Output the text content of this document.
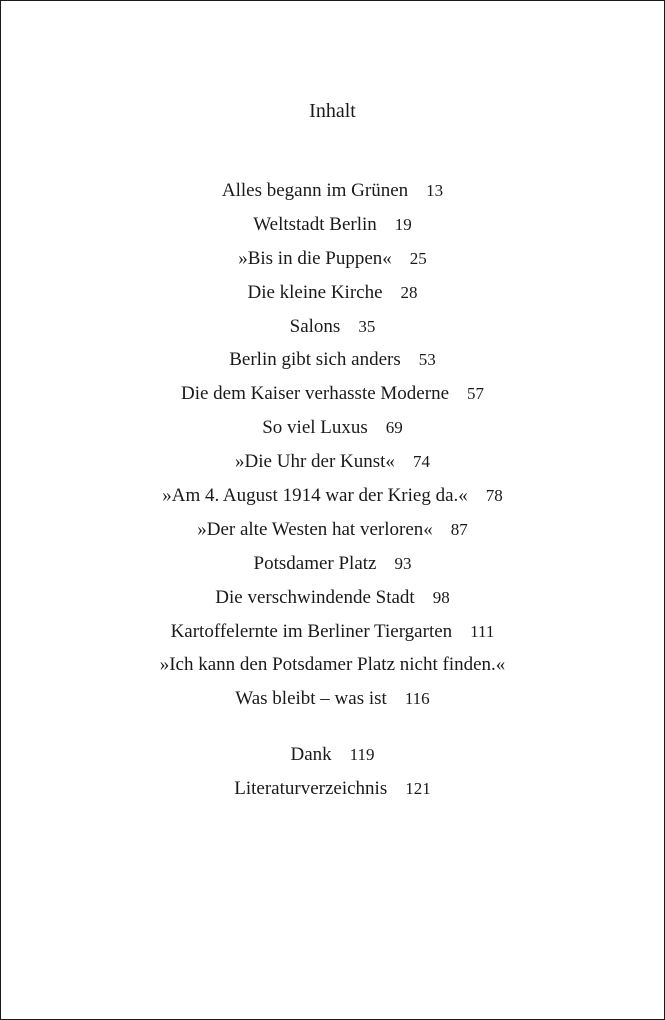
Inhalt
Alles begann im Grünen 13
Weltstadt Berlin 19
»Bis in die Puppen« 25
Die kleine Kirche 28
Salons 35
Berlin gibt sich anders 53
Die dem Kaiser verhasste Moderne 57
So viel Luxus 69
»Die Uhr der Kunst« 74
»Am 4. August 1914 war der Krieg da.« 78
»Der alte Westen hat verloren« 87
Potsdamer Platz 93
Die verschwindende Stadt 98
Kartoffelernte im Berliner Tiergarten 111
»Ich kann den Potsdamer Platz nicht finden.«
Was bleibt – was ist 116
Dank 119
Literaturverzeichnis 121
